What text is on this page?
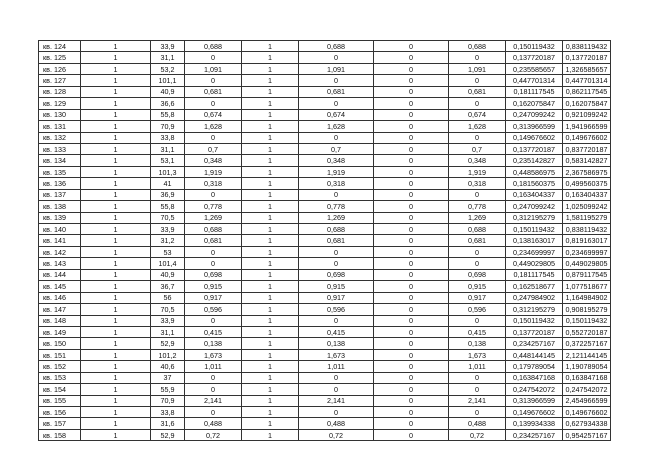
кв. 124	1	33,9	0,688	1	0,688	0	0,688	0,150119432	0,838119432
кв. 125	1	31,1	0	1	0	0	0	0,137720187	0,137720187
кв. 126	1	53,2	1,091	1	1,091	0	1,091	0,235585657	1,326585657
кв. 127	1	101,1	0	1	0	0	0	0,447701314	0,447701314
кв. 128	1	40,9	0,681	1	0,681	0	0,681	0,181117545	0,862117545
кв. 129	1	36,6	0	1	0	0	0	0,162075847	0,162075847
кв. 130	1	55,8	0,674	1	0,674	0	0,674	0,247099242	0,921099242
кв. 131	1	70,9	1,628	1	1,628	0	1,628	0,313966599	1,941966599
кв. 132	1	33,8	0	1	0	0	0	0,149676602	0,149676602
кв. 133	1	31,1	0,7	1	0,7	0	0,7	0,137720187	0,837720187
кв. 134	1	53,1	0,348	1	0,348	0	0,348	0,235142827	0,583142827
кв. 135	1	101,3	1,919	1	1,919	0	1,919	0,448586975	2,367586975
кв. 136	1	41	0,318	1	0,318	0	0,318	0,181560375	0,499560375
кв. 137	1	36,9	0	1	0	0	0	0,163404337	0,163404337
кв. 138	1	55,8	0,778	1	0,778	0	0,778	0,247099242	1,025099242
кв. 139	1	70,5	1,269	1	1,269	0	1,269	0,312195279	1,581195279
кв. 140	1	33,9	0,688	1	0,688	0	0,688	0,150119432	0,838119432
кв. 141	1	31,2	0,681	1	0,681	0	0,681	0,138163017	0,819163017
кв. 142	1	53	0	1	0	0	0	0,234699997	0,234699997
кв. 143	1	101,4	0	1	0	0	0	0,449029805	0,449029805
кв. 144	1	40,9	0,698	1	0,698	0	0,698	0,181117545	0,879117545
кв. 145	1	36,7	0,915	1	0,915	0	0,915	0,162518677	1,077518677
кв. 146	1	56	0,917	1	0,917	0	0,917	0,247984902	1,164984902
кв. 147	1	70,5	0,596	1	0,596	0	0,596	0,312195279	0,908195279
кв. 148	1	33,9	0	1	0	0	0	0,150119432	0,150119432
кв. 149	1	31,1	0,415	1	0,415	0	0,415	0,137720187	0,552720187
кв. 150	1	52,9	0,138	1	0,138	0	0,138	0,234257167	0,372257167
кв. 151	1	101,2	1,673	1	1,673	0	1,673	0,448144145	2,121144145
кв. 152	1	40,6	1,011	1	1,011	0	1,011	0,179789054	1,190789054
кв. 153	1	37	0	1	0	0	0	0,163847168	0,163847168
кв. 154	1	55,9	0	1	0	0	0	0,247542072	0,247542072
кв. 155	1	70,9	2,141	1	2,141	0	2,141	0,313966599	2,454966599
кв. 156	1	33,8	0	1	0	0	0	0,149676602	0,149676602
кв. 157	1	31,6	0,488	1	0,488	0	0,488	0,139934338	0,627934338
кв. 158	1	52,9	0,72	1	0,72	0	0,72	0,234257167	0,954257167
